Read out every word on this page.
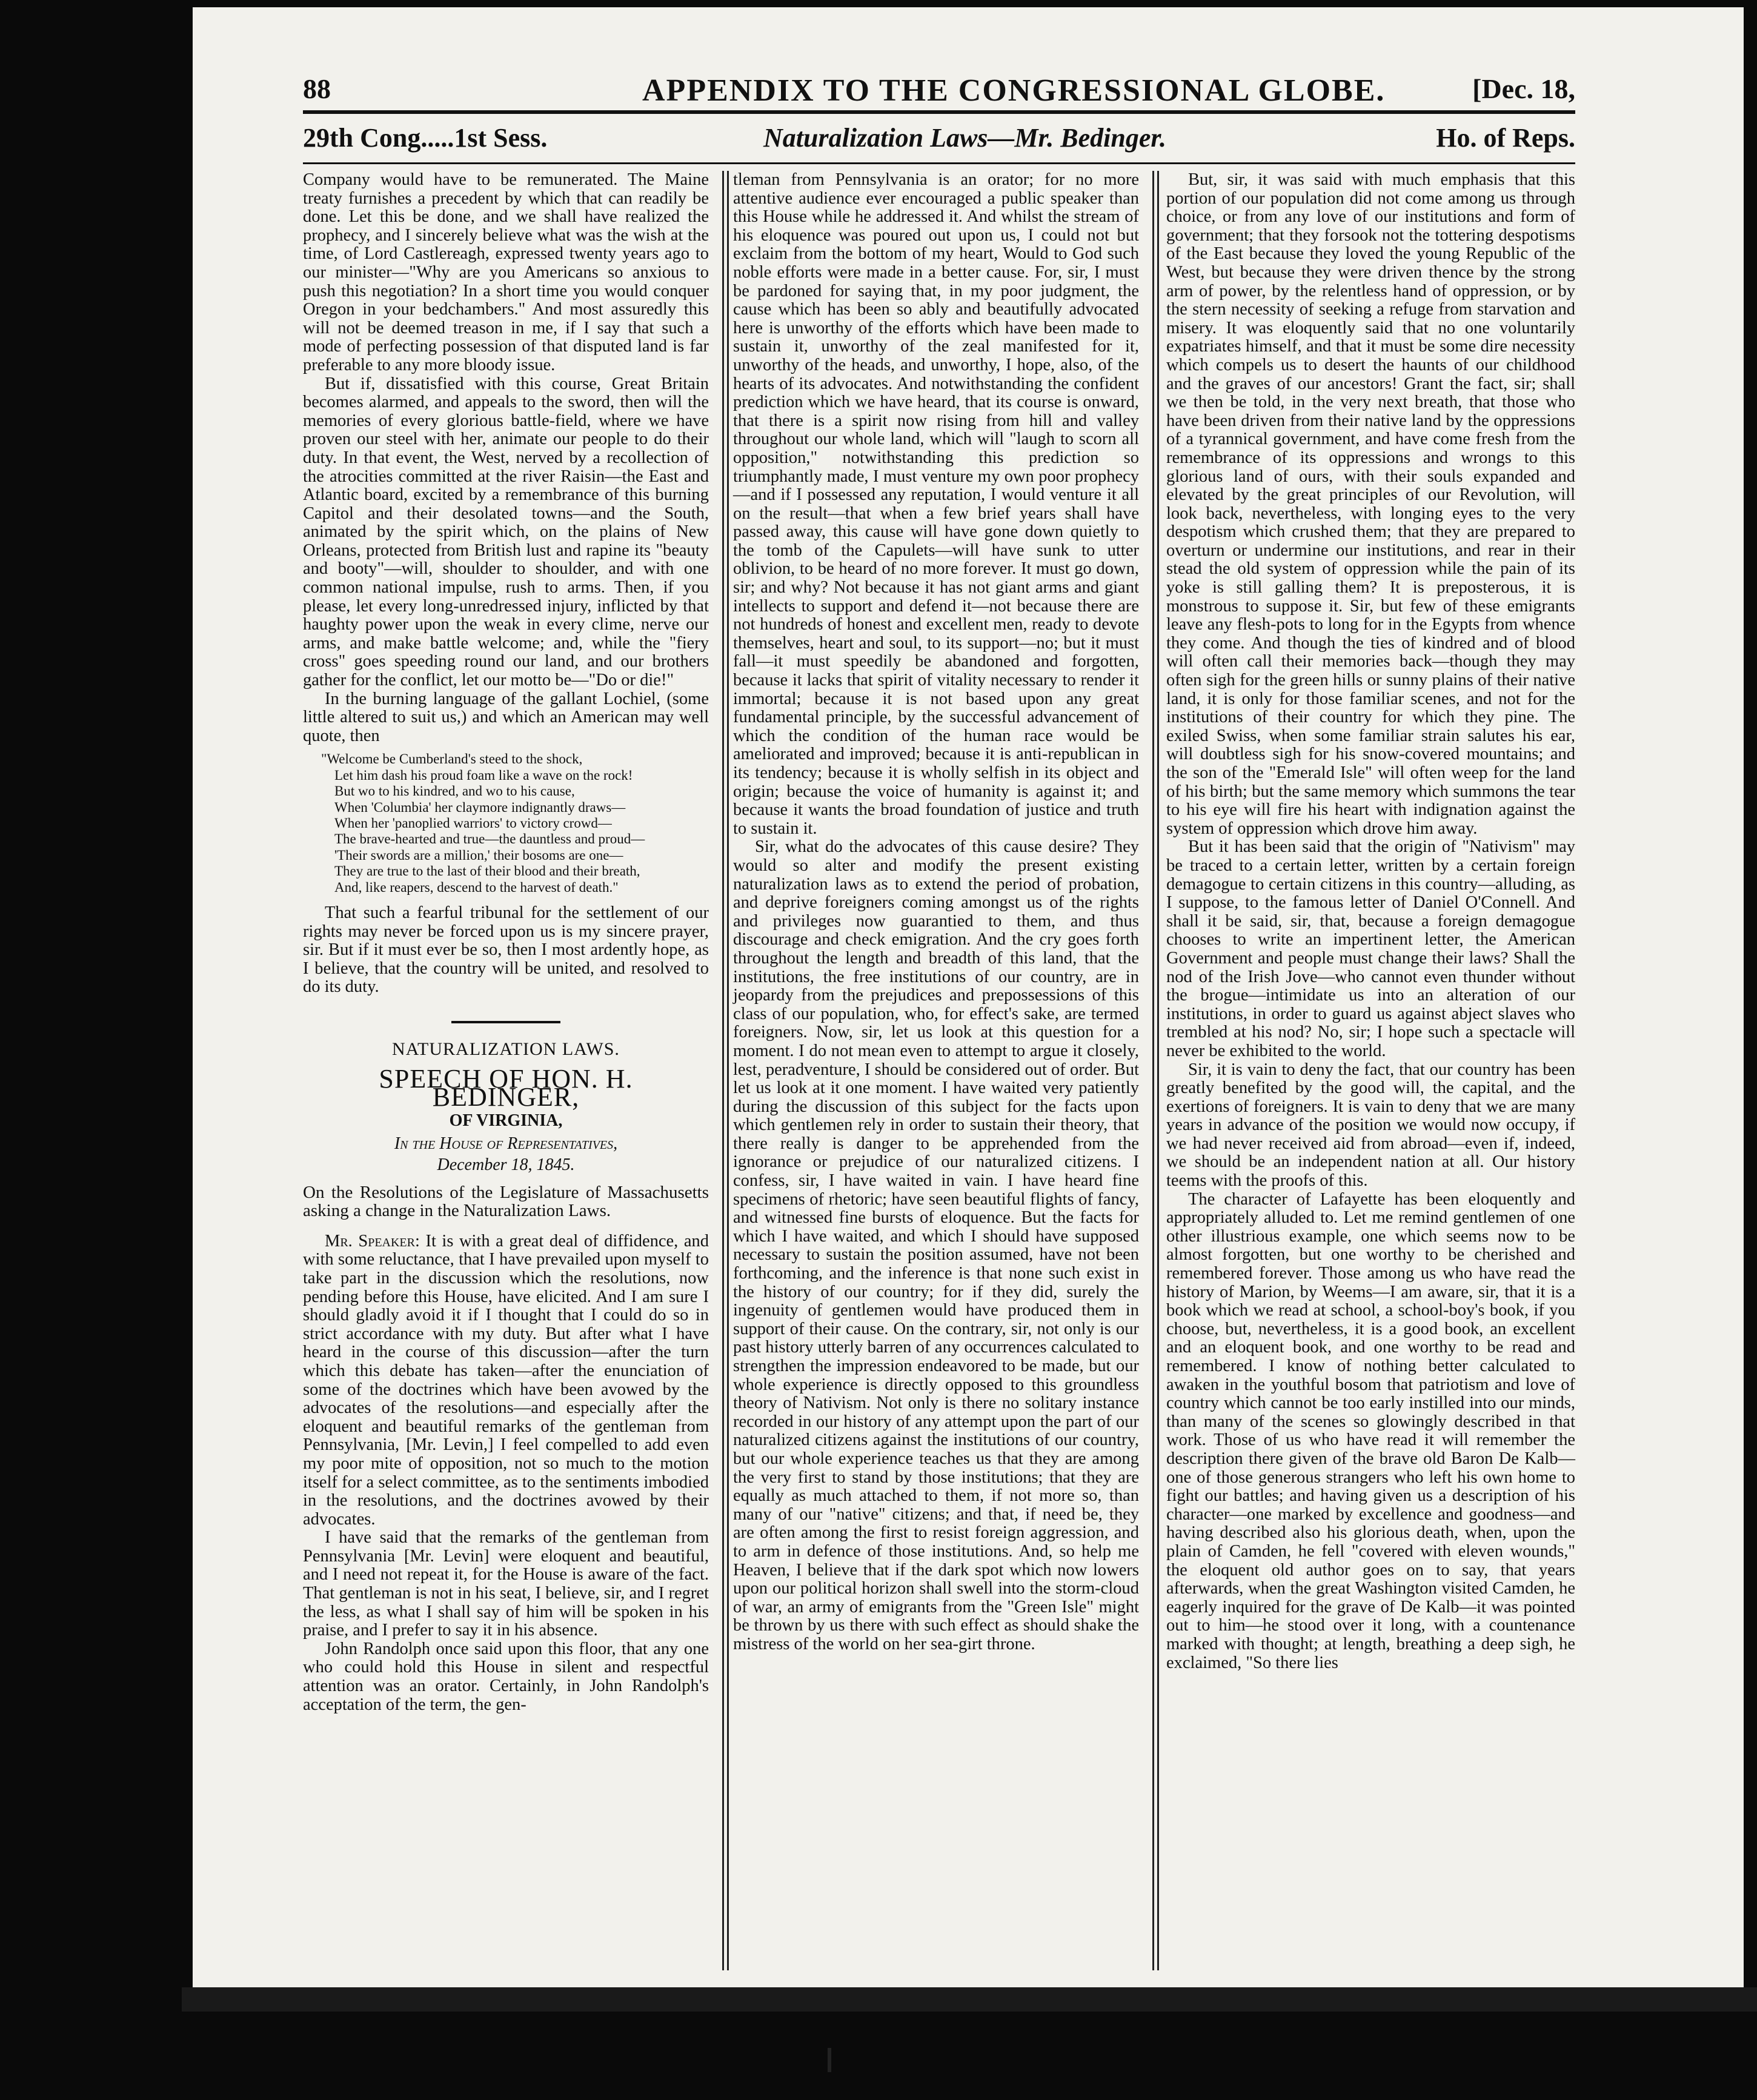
88	APPENDIX TO THE CONGRESSIONAL GLOBE.	[Dec. 18,
29th Cong.....1st Sess.	Naturalization Laws—Mr. Bedinger.	Ho. of Reps.

Company would have to be remunerated. The Maine treaty furnishes a precedent by which that can readily be done. Let this be done, and we shall have realized the prophecy, and I sincerely believe what was the wish at the time, of Lord Castlereagh, expressed twenty years ago to our minister—"Why are you Americans so anxious to push this negotiation? In a short time you would conquer Oregon in your bedchambers." And most assuredly this will not be deemed treason in me, if I say that such a mode of perfecting possession of that disputed land is far preferable to any more bloody issue.

But if, dissatisfied with this course, Great Britain becomes alarmed, and appeals to the sword, then will the memories of every glorious battle-field, where we have proven our steel with her, animate our people to do their duty. In that event, the West, nerved by a recollection of the atrocities committed at the river Raisin—the East and Atlantic board, excited by a remembrance of this burning Capitol and their desolated towns—and the South, animated by the spirit which, on the plains of New Orleans, protected from British lust and rapine its "beauty and booty"—will, shoulder to shoulder, and with one common national impulse, rush to arms. Then, if you please, let every long-unredressed injury, inflicted by that haughty power upon the weak in every clime, nerve our arms, and make battle welcome; and, while the "fiery cross" goes speeding round our land, and our brothers gather for the conflict, let our motto be—"Do or die!"

In the burning language of the gallant Lochiel, (some little altered to suit us,) and which an American may well quote, then

"Welcome be Cumberland's steed to the shock,
Let him dash his proud foam like a wave on the rock!
But wo to his kindred, and wo to his cause,
When 'Columbia' her claymore indignantly draws—
When her 'panoplied warriors' to victory crowd—
The brave-hearted and true—the dauntless and proud—
'Their swords are a million,' their bosoms are one—
They are true to the last of their blood and their breath,
And, like reapers, descend to the harvest of death."

That such a fearful tribunal for the settlement of our rights may never be forced upon us is my sincere prayer, sir. But if it must ever be so, then I most ardently hope, as I believe, that the country will be united, and resolved to do its duty.

NATURALIZATION LAWS.
SPEECH OF HON. H. BEDINGER,
OF VIRGINIA,
In the House of Representatives,
December 18, 1845.
On the Resolutions of the Legislature of Massachusetts asking a change in the Naturalization Laws.

Mr. Speaker: It is with a great deal of diffidence, and with some reluctance, that I have prevailed upon myself to take part in the discussion which the resolutions, now pending before this House, have elicited. And I am sure I should gladly avoid it if I thought that I could do so in strict accordance with my duty. But after what I have heard in the course of this discussion—after the turn which this debate has taken—after the enunciation of some of the doctrines which have been avowed by the advocates of the resolutions—and especially after the eloquent and beautiful remarks of the gentleman from Pennsylvania, [Mr. Levin,] I feel compelled to add even my poor mite of opposition, not so much to the motion itself for a select committee, as to the sentiments imbodied in the resolutions, and the doctrines avowed by their advocates.

I have said that the remarks of the gentleman from Pennsylvania [Mr. Levin] were eloquent and beautiful, and I need not repeat it, for the House is aware of the fact. That gentleman is not in his seat, I believe, sir, and I regret the less, as what I shall say of him will be spoken in his praise, and I prefer to say it in his absence.

John Randolph once said upon this floor, that any one who could hold this House in silent and respectful attention was an orator. Certainly, in John Randolph's acceptation of the term, the gen-

tleman from Pennsylvania is an orator; for no more attentive audience ever encouraged a public speaker than this House while he addressed it. And whilst the stream of his eloquence was poured out upon us, I could not but exclaim from the bottom of my heart, Would to God such noble efforts were made in a better cause. For, sir, I must be pardoned for saying that, in my poor judgment, the cause which has been so ably and beautifully advocated here is unworthy of the efforts which have been made to sustain it, unworthy of the zeal manifested for it, unworthy of the heads, and unworthy, I hope, also, of the hearts of its advocates. And notwithstanding the confident prediction which we have heard, that its course is onward, that there is a spirit now rising from hill and valley throughout our whole land, which will "laugh to scorn all opposition," notwithstanding this prediction so triumphantly made, I must venture my own poor prophecy—and if I possessed any reputation, I would venture it all on the result—that when a few brief years shall have passed away, this cause will have gone down quietly to the tomb of the Capulets—will have sunk to utter oblivion, to be heard of no more forever. It must go down, sir; and why? Not because it has not giant arms and giant intellects to support and defend it—not because there are not hundreds of honest and excellent men, ready to devote themselves, heart and soul, to its support—no; but it must fall—it must speedily be abandoned and forgotten, because it lacks that spirit of vitality necessary to render it immortal; because it is not based upon any great fundamental principle, by the successful advancement of which the condition of the human race would be ameliorated and improved; because it is anti-republican in its tendency; because it is wholly selfish in its object and origin; because the voice of humanity is against it; and because it wants the broad foundation of justice and truth to sustain it.

Sir, what do the advocates of this cause desire? They would so alter and modify the present existing naturalization laws as to extend the period of probation, and deprive foreigners coming amongst us of the rights and privileges now guarantied to them, and thus discourage and check emigration. And the cry goes forth throughout the length and breadth of this land, that the institutions, the free institutions of our country, are in jeopardy from the prejudices and prepossessions of this class of our population, who, for effect's sake, are termed foreigners. Now, sir, let us look at this question for a moment. I do not mean even to attempt to argue it closely, lest, peradventure, I should be considered out of order. But let us look at it one moment. I have waited very patiently during the discussion of this subject for the facts upon which gentlemen rely in order to sustain their theory, that there really is danger to be apprehended from the ignorance or prejudice of our naturalized citizens. I confess, sir, I have waited in vain. I have heard fine specimens of rhetoric; have seen beautiful flights of fancy, and witnessed fine bursts of eloquence. But the facts for which I have waited, and which I should have supposed necessary to sustain the position assumed, have not been forthcoming, and the inference is that none such exist in the history of our country; for if they did, surely the ingenuity of gentlemen would have produced them in support of their cause. On the contrary, sir, not only is our past history utterly barren of any occurrences calculated to strengthen the impression endeavored to be made, but our whole experience is directly opposed to this groundless theory of Nativism. Not only is there no solitary instance recorded in our history of any attempt upon the part of our naturalized citizens against the institutions of our country, but our whole experience teaches us that they are among the very first to stand by those institutions; that they are equally as much attached to them, if not more so, than many of our "native" citizens; and that, if need be, they are often among the first to resist foreign aggression, and to arm in defence of those institutions. And, so help me Heaven, I believe that if the dark spot which now lowers upon our political horizon shall swell into the storm-cloud of war, an army of emigrants from the "Green Isle" might be thrown by us there with such effect as should shake the mistress of the world on her sea-girt throne.

But, sir, it was said with much emphasis that this portion of our population did not come among us through choice, or from any love of our institutions and form of government; that they forsook not the tottering despotisms of the East because they loved the young Republic of the West, but because they were driven thence by the strong arm of power, by the relentless hand of oppression, or by the stern necessity of seeking a refuge from starvation and misery. It was eloquently said that no one voluntarily expatriates himself, and that it must be some dire necessity which compels us to desert the haunts of our childhood and the graves of our ancestors! Grant the fact, sir; shall we then be told, in the very next breath, that those who have been driven from their native land by the oppressions of a tyrannical government, and have come fresh from the remembrance of its oppressions and wrongs to this glorious land of ours, with their souls expanded and elevated by the great principles of our Revolution, will look back, nevertheless, with longing eyes to the very despotism which crushed them; that they are prepared to overturn or undermine our institutions, and rear in their stead the old system of oppression while the pain of its yoke is still galling them? It is preposterous, it is monstrous to suppose it. Sir, but few of these emigrants leave any flesh-pots to long for in the Egypts from whence they come. And though the ties of kindred and of blood will often call their memories back—though they may often sigh for the green hills or sunny plains of their native land, it is only for those familiar scenes, and not for the institutions of their country for which they pine. The exiled Swiss, when some familiar strain salutes his ear, will doubtless sigh for his snow-covered mountains; and the son of the "Emerald Isle" will often weep for the land of his birth; but the same memory which summons the tear to his eye will fire his heart with indignation against the system of oppression which drove him away.

But it has been said that the origin of "Nativism" may be traced to a certain letter, written by a certain foreign demagogue to certain citizens in this country—alluding, as I suppose, to the famous letter of Daniel O'Connell. And shall it be said, sir, that, because a foreign demagogue chooses to write an impertinent letter, the American Government and people must change their laws? Shall the nod of the Irish Jove—who cannot even thunder without the brogue—intimidate us into an alteration of our institutions, in order to guard us against abject slaves who trembled at his nod? No, sir; I hope such a spectacle will never be exhibited to the world.

Sir, it is vain to deny the fact, that our country has been greatly benefited by the good will, the capital, and the exertions of foreigners. It is vain to deny that we are many years in advance of the position we would now occupy, if we had never received aid from abroad—even if, indeed, we should be an independent nation at all. Our history teems with the proofs of this.

The character of Lafayette has been eloquently and appropriately alluded to. Let me remind gentlemen of one other illustrious example, one which seems now to be almost forgotten, but one worthy to be cherished and remembered forever. Those among us who have read the history of Marion, by Weems—I am aware, sir, that it is a book which we read at school, a school-boy's book, if you choose, but, nevertheless, it is a good book, an excellent and an eloquent book, and one worthy to be read and remembered. I know of nothing better calculated to awaken in the youthful bosom that patriotism and love of country which cannot be too early instilled into our minds, than many of the scenes so glowingly described in that work. Those of us who have read it will remember the description there given of the brave old Baron De Kalb—one of those generous strangers who left his own home to fight our battles; and having given us a description of his character—one marked by excellence and goodness—and having described also his glorious death, when, upon the plain of Camden, he fell "covered with eleven wounds," the eloquent old author goes on to say, that years afterwards, when the great Washington visited Camden, he eagerly inquired for the grave of De Kalb—it was pointed out to him—he stood over it long, with a countenance marked with thought; at length, breathing a deep sigh, he exclaimed, "So there lies
